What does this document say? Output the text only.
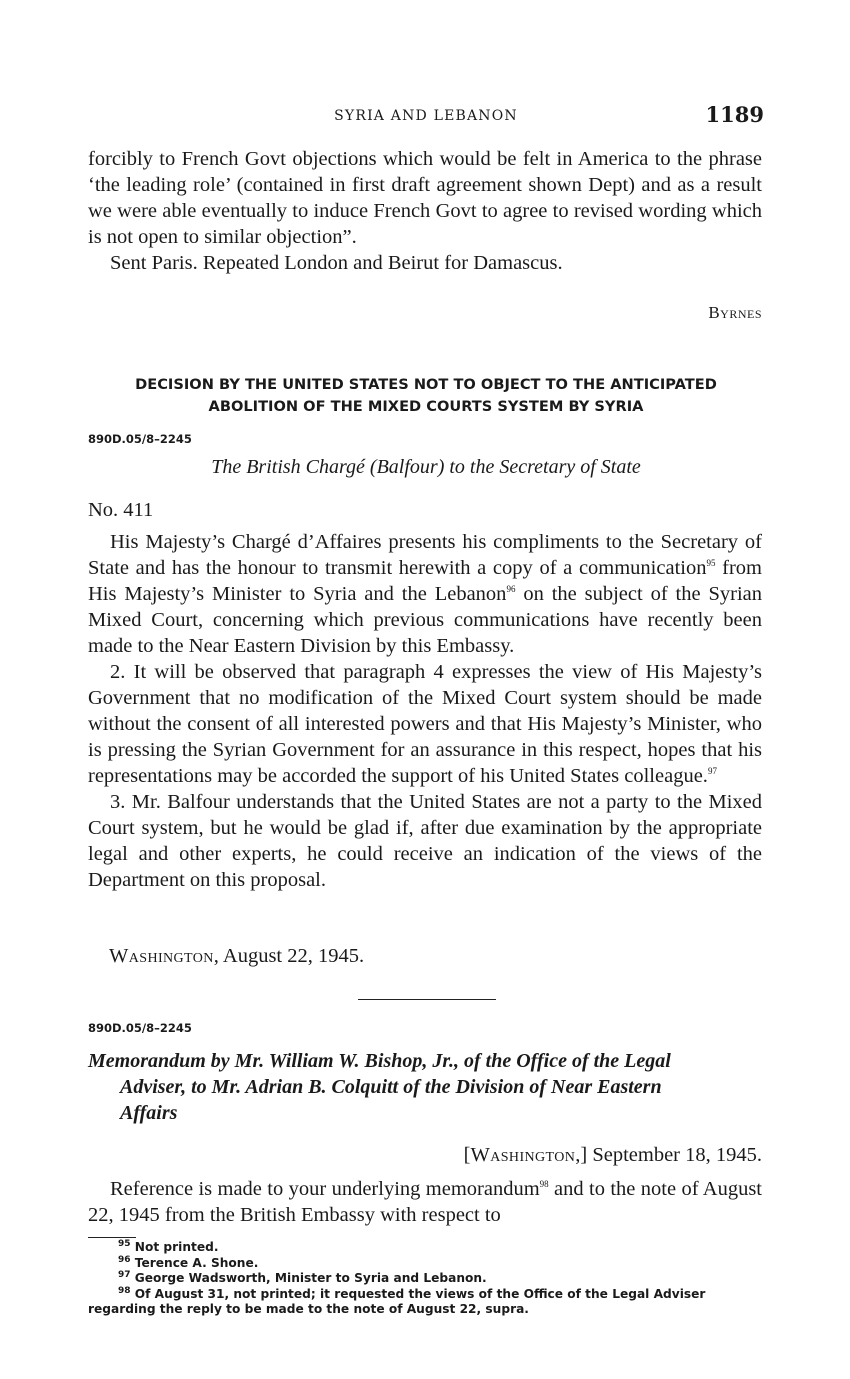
SYRIA AND LEBANON	1189

forcibly to French Govt objections which would be felt in America to the phrase ‘the leading role’ (contained in first draft agreement shown Dept) and as a result we were able eventually to induce French Govt to agree to revised wording which is not open to similar objection”.

Sent Paris. Repeated London and Beirut for Damascus.

Byrnes
DECISION BY THE UNITED STATES NOT TO OBJECT TO THE ANTICIPATED ABOLITION OF THE MIXED COURTS SYSTEM BY SYRIA
890D.05/8–2245
The British Chargé (Balfour) to the Secretary of State
No. 411

His Majesty’s Chargé d’Affaires presents his compliments to the Secretary of State and has the honour to transmit herewith a copy of a communication$^{95}$ from His Majesty’s Minister to Syria and the Lebanon$^{96}$ on the subject of the Syrian Mixed Court, concerning which previous communications have recently been made to the Near Eastern Division by this Embassy.

2. It will be observed that paragraph 4 expresses the view of His Majesty’s Government that no modification of the Mixed Court system should be made without the consent of all interested powers and that His Majesty’s Minister, who is pressing the Syrian Government for an assurance in this respect, hopes that his representations may be accorded the support of his United States colleague.$^{97}$

3. Mr. Balfour understands that the United States are not a party to the Mixed Court system, but he would be glad if, after due examination by the appropriate legal and other experts, he could receive an indication of the views of the Department on this proposal.

Washington, August 22, 1945.
890D.05/8–2245
Memorandum by Mr. William W. Bishop, Jr., of the Office of the Legal
Adviser, to Mr. Adrian B. Colquitt of the Division of Near Eastern
Affairs
[Washington,] September 18, 1945.

Reference is made to your underlying memorandum$^{98}$ and to the note of August 22, 1945 from the British Embassy with respect to

$^{95}$ Not printed.

$^{96}$ Terence A. Shone.

$^{97}$ George Wadsworth, Minister to Syria and Lebanon.

$^{98}$ Of August 31, not printed; it requested the views of the Office of the Legal Adviser regarding the reply to be made to the note of August 22, supra.
